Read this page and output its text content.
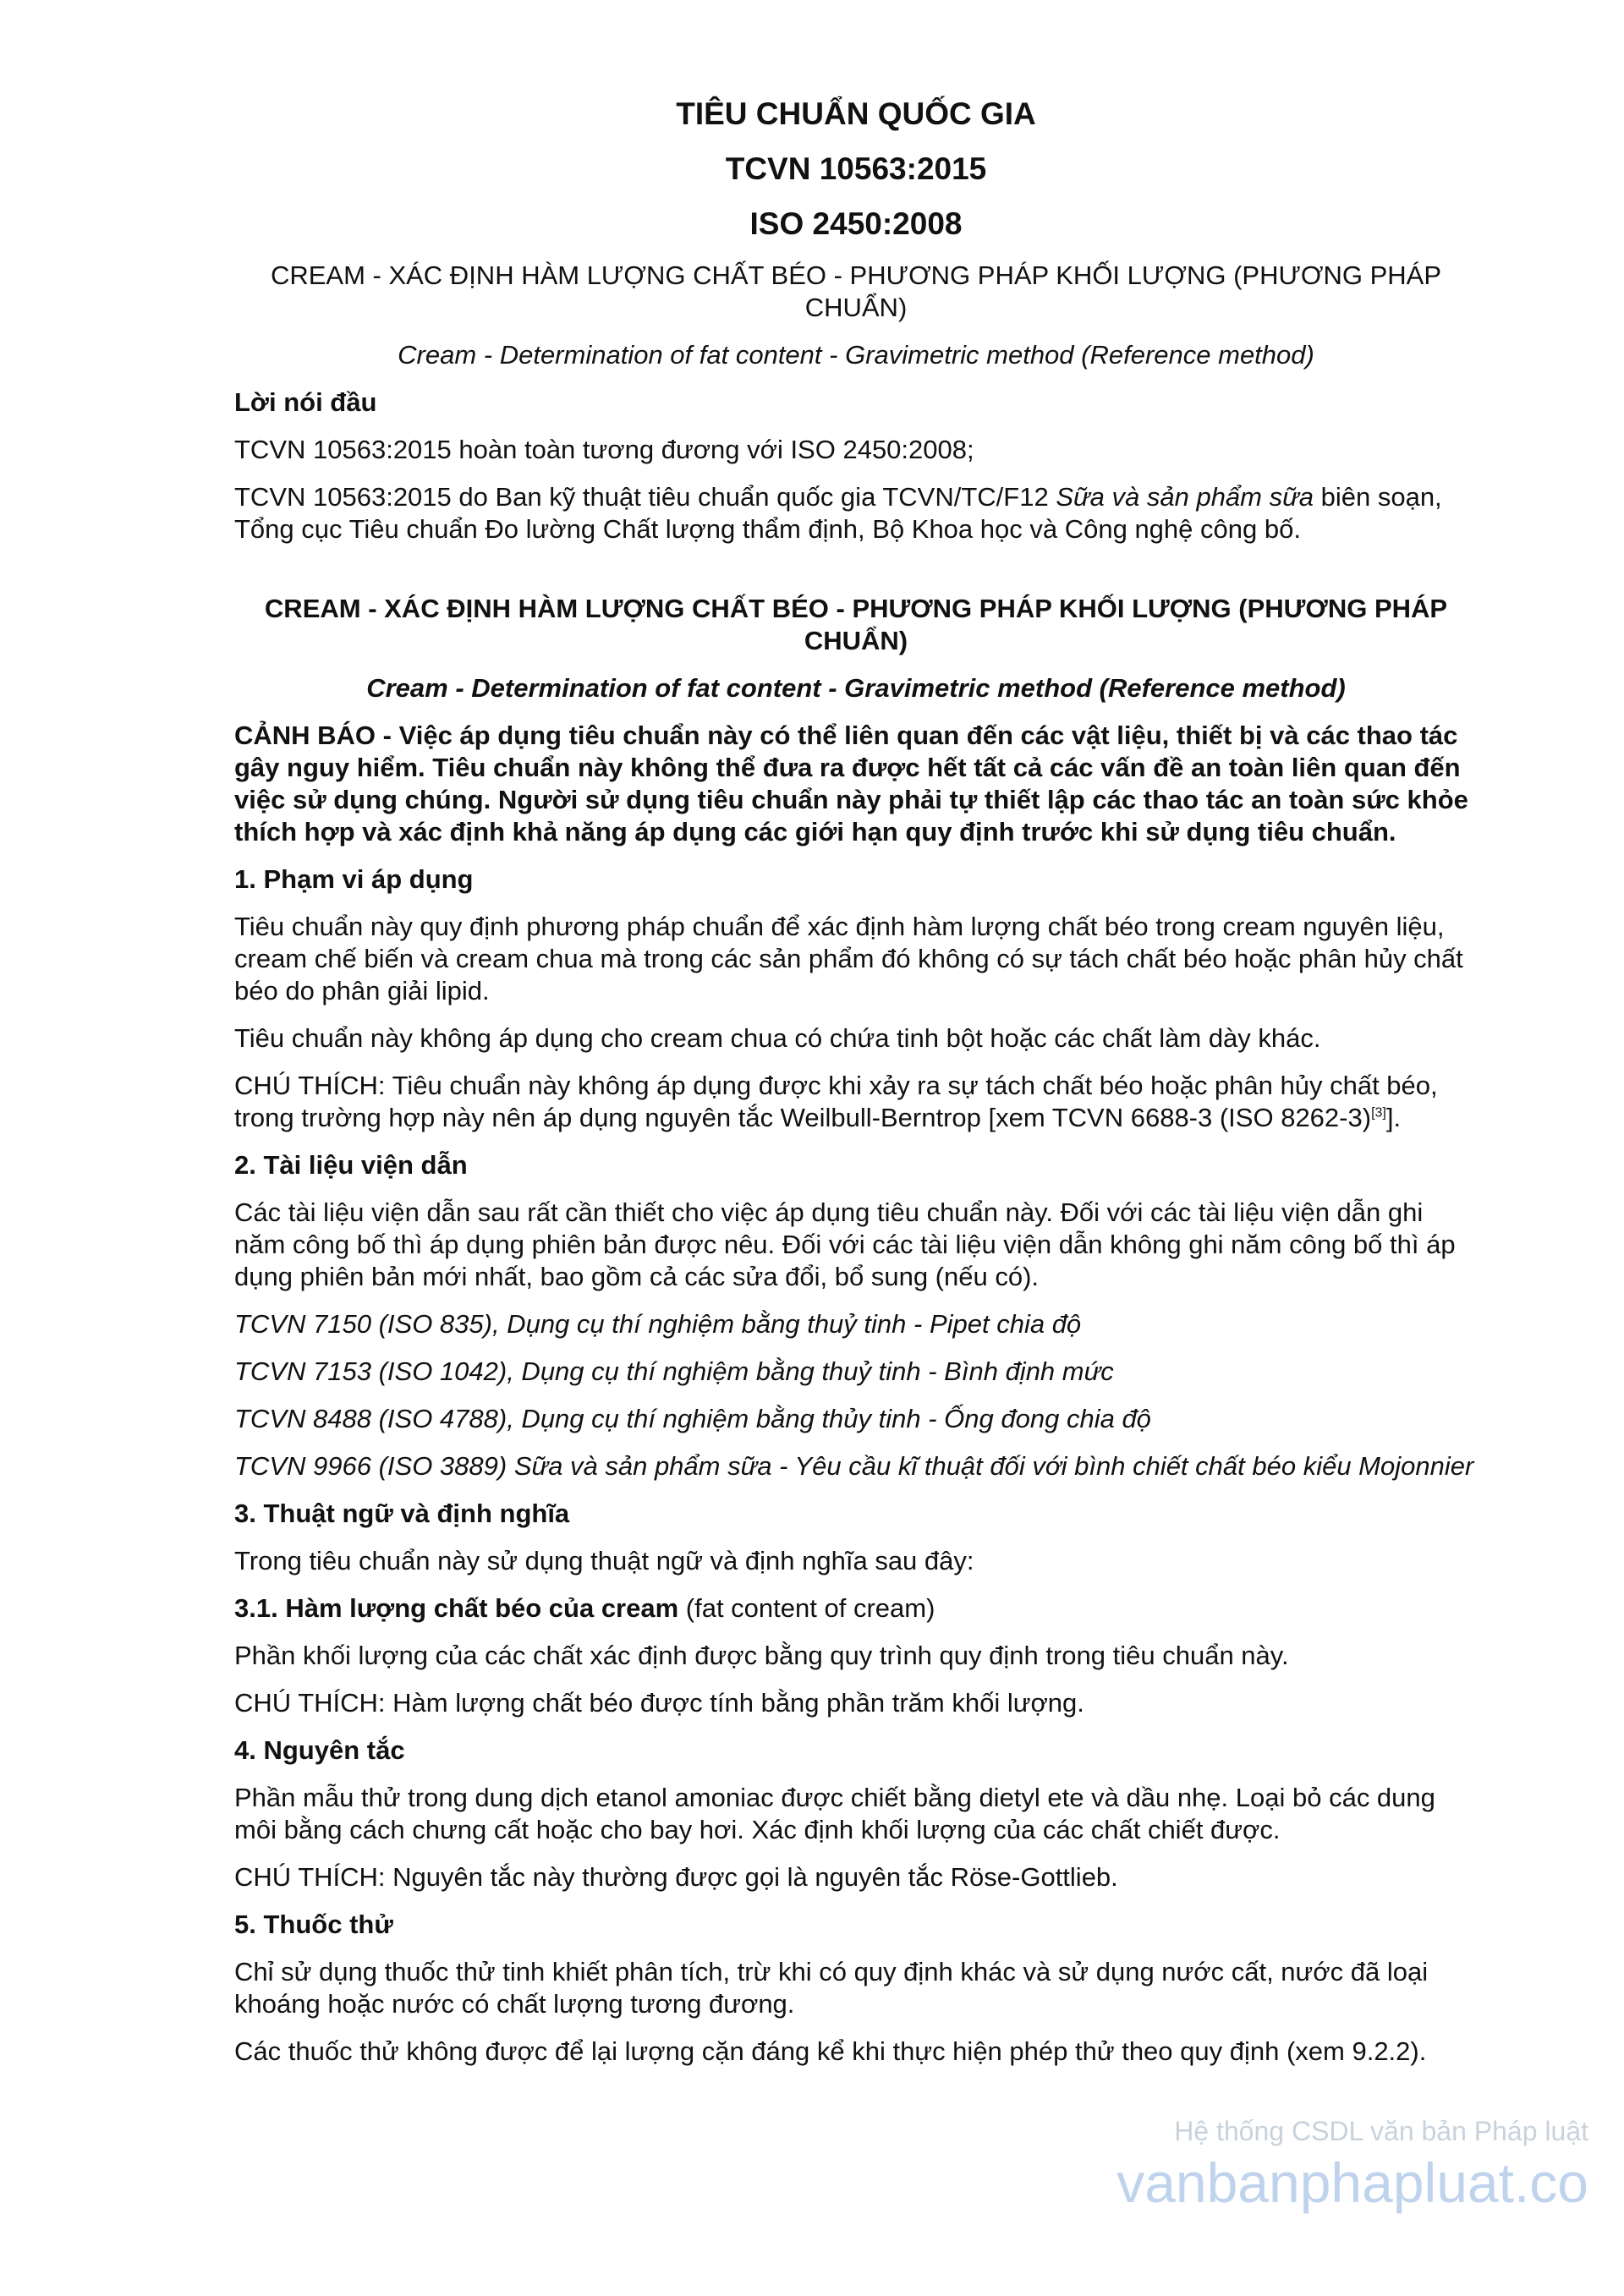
TIÊU CHUẨN QUỐC GIA
TCVN 10563:2015
ISO 2450:2008
CREAM - XÁC ĐỊNH HÀM LƯỢNG CHẤT BÉO - PHƯƠNG PHÁP KHỐI LƯỢNG (PHƯƠNG PHÁP CHUẨN)
Cream - Determination of fat content - Gravimetric method (Reference method)

Lời nói đầu

TCVN 10563:2015 hoàn toàn tương đương với ISO 2450:2008;

TCVN 10563:2015 do Ban kỹ thuật tiêu chuẩn quốc gia TCVN/TC/F12 Sữa và sản phẩm sữa biên soạn, Tổng cục Tiêu chuẩn Đo lường Chất lượng thẩm định, Bộ Khoa học và Công nghệ công bố.

CREAM - XÁC ĐỊNH HÀM LƯỢNG CHẤT BÉO - PHƯƠNG PHÁP KHỐI LƯỢNG (PHƯƠNG PHÁP CHUẨN)
Cream - Determination of fat content - Gravimetric method (Reference method)

CẢNH BÁO - Việc áp dụng tiêu chuẩn này có thể liên quan đến các vật liệu, thiết bị và các thao tác gây nguy hiểm. Tiêu chuẩn này không thể đưa ra được hết tất cả các vấn đề an toàn liên quan đến việc sử dụng chúng. Người sử dụng tiêu chuẩn này phải tự thiết lập các thao tác an toàn sức khỏe thích hợp và xác định khả năng áp dụng các giới hạn quy định trước khi sử dụng tiêu chuẩn.

1. Phạm vi áp dụng

Tiêu chuẩn này quy định phương pháp chuẩn để xác định hàm lượng chất béo trong cream nguyên liệu, cream chế biến và cream chua mà trong các sản phẩm đó không có sự tách chất béo hoặc phân hủy chất béo do phân giải lipid.

Tiêu chuẩn này không áp dụng cho cream chua có chứa tinh bột hoặc các chất làm dày khác.

CHÚ THÍCH: Tiêu chuẩn này không áp dụng được khi xảy ra sự tách chất béo hoặc phân hủy chất béo, trong trường hợp này nên áp dụng nguyên tắc Weilbull-Berntrop [xem TCVN 6688-3 (ISO 8262-3)[3]].

2. Tài liệu viện dẫn

Các tài liệu viện dẫn sau rất cần thiết cho việc áp dụng tiêu chuẩn này. Đối với các tài liệu viện dẫn ghi năm công bố thì áp dụng phiên bản được nêu. Đối với các tài liệu viện dẫn không ghi năm công bố thì áp dụng phiên bản mới nhất, bao gồm cả các sửa đổi, bổ sung (nếu có).

TCVN 7150 (ISO 835), Dụng cụ thí nghiệm bằng thuỷ tinh - Pipet chia độ

TCVN 7153 (ISO 1042), Dụng cụ thí nghiệm bằng thuỷ tinh - Bình định mức

TCVN 8488 (ISO 4788), Dụng cụ thí nghiệm bằng thủy tinh - Ống đong chia độ

TCVN 9966 (ISO 3889) Sữa và sản phẩm sữa - Yêu cầu kĩ thuật đối với bình chiết chất béo kiểu Mojonnier

3. Thuật ngữ và định nghĩa

Trong tiêu chuẩn này sử dụng thuật ngữ và định nghĩa sau đây:

3.1. Hàm lượng chất béo của cream (fat content of cream)

Phần khối lượng của các chất xác định được bằng quy trình quy định trong tiêu chuẩn này.

CHÚ THÍCH: Hàm lượng chất béo được tính bằng phần trăm khối lượng.

4. Nguyên tắc

Phần mẫu thử trong dung dịch etanol amoniac được chiết bằng dietyl ete và dầu nhẹ. Loại bỏ các dung môi bằng cách chưng cất hoặc cho bay hơi. Xác định khối lượng của các chất chiết được.

CHÚ THÍCH: Nguyên tắc này thường được gọi là nguyên tắc Röse-Gottlieb.

5. Thuốc thử

Chỉ sử dụng thuốc thử tinh khiết phân tích, trừ khi có quy định khác và sử dụng nước cất, nước đã loại khoáng hoặc nước có chất lượng tương đương.

Các thuốc thử không được để lại lượng cặn đáng kể khi thực hiện phép thử theo quy định (xem 9.2.2).

Hệ thống CSDL văn bản Pháp luật
vanbanphapluat.co
